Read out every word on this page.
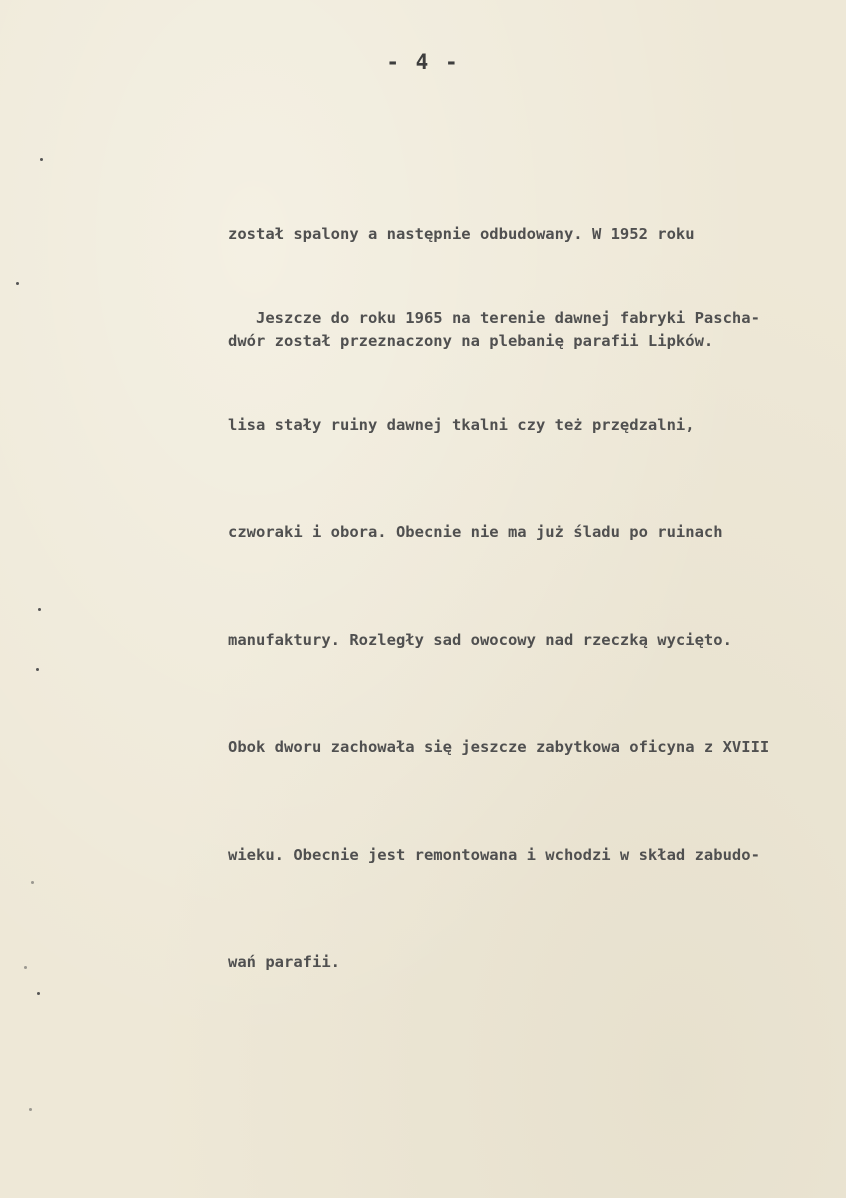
- 4 -

został spalony a następnie odbudowany. W 1952 roku

dwór został przeznaczony na plebanię parafii Lipków.

Jeszcze do roku 1965 na terenie dawnej fabryki Pascha-

lisa stały ruiny dawnej tkalni czy też przędzalni,

czworaki i obora. Obecnie nie ma już śladu po ruinach

manufaktury. Rozległy sad owocowy nad rzeczką wycięto.

Obok dworu zachowała się jeszcze zabytkowa oficyna z XVIII

wieku. Obecnie jest remontowana i wchodzi w skład zabudo-

wań parafii.
